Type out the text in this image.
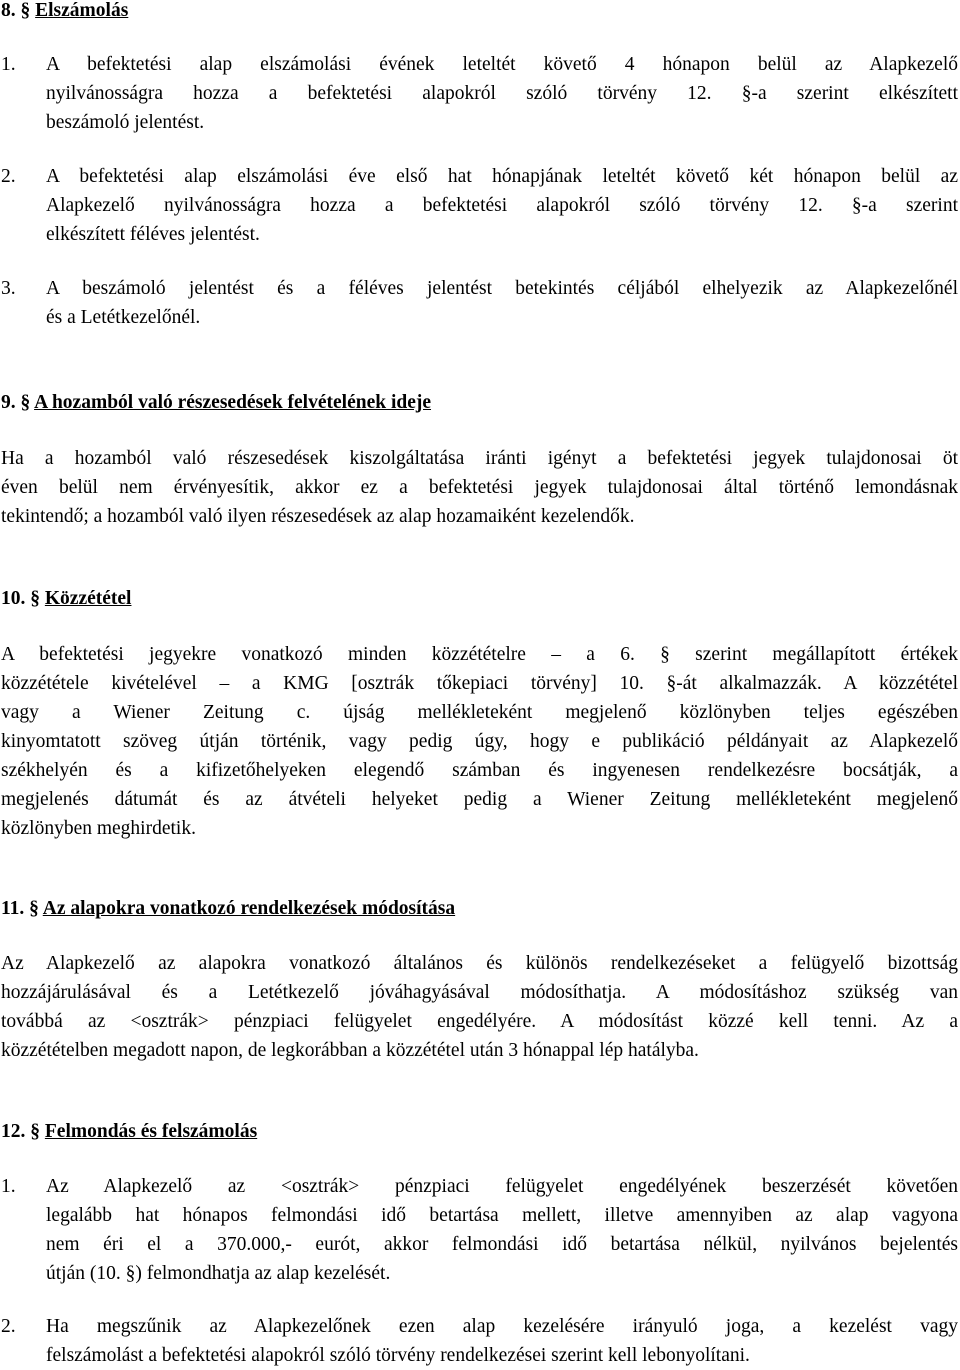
8. § Elszámolás
1. A befektetési alap elszámolási évének leteltét követő 4 hónapon belül az Alapkezelő
nyilvánosságra hozza a befektetési alapokról szóló törvény 12. §-a szerint elkészített
beszámoló jelentést.
2. A befektetési alap elszámolási éve első hat hónapjának leteltét követő két hónapon belül az
Alapkezelő nyilvánosságra hozza a befektetési alapokról szóló törvény 12. §-a szerint
elkészített féléves jelentést.
3. A beszámoló jelentést és a féléves jelentést betekintés céljából elhelyezik az Alapkezelőnél
és a Letétkezelőnél.
9. § A hozamból való részesedések felvételének ideje
Ha a hozamból való részesedések kiszolgáltatása iránti igényt a befektetési jegyek tulajdonosai öt
éven belül nem érvényesítik, akkor ez a befektetési jegyek tulajdonosai által történő lemondásnak
tekintendő; a hozamból való ilyen részesedések az alap hozamaiként kezelendők.
10. § Közzététel
A befektetési jegyekre vonatkozó minden közzétételre – a 6. § szerint megállapított értékek
közzététele kivételével – a KMG [osztrák tőkepiaci törvény] 10. §-át alkalmazzák. A közzététel
vagy a Wiener Zeitung c. újság mellékleteként megjelenő közlönyben teljes egészében
kinyomtatott szöveg útján történik, vagy pedig úgy, hogy e publikáció példányait az Alapkezelő
székhelyén és a kifizetőhelyeken elegendő számban és ingyenesen rendelkezésre bocsátják, a
megjelenés dátumát és az átvételi helyeket pedig a Wiener Zeitung mellékleteként megjelenő
közlönyben meghirdetik.
11. § Az alapokra vonatkozó rendelkezések módosítása
Az Alapkezelő az alapokra vonatkozó általános és különös rendelkezéseket a felügyelő bizottság
hozzájárulásával és a Letétkezelő jóváhagyásával módosíthatja. A módosításhoz szükség van
továbbá az <osztrák> pénzpiaci felügyelet engedélyére. A módosítást közzé kell tenni. Az a
közzétételben megadott napon, de legkorábban a közzététel után 3 hónappal lép hatályba.
12. § Felmondás és felszámolás
1. Az Alapkezelő az <osztrák> pénzpiaci felügyelet engedélyének beszerzését követően
legalább hat hónapos felmondási idő betartása mellett, illetve amennyiben az alap vagyona
nem éri el a 370.000,- eurót, akkor felmondási idő betartása nélkül, nyilvános bejelentés
útján (10. §) felmondhatja az alap kezelését.
2. Ha megszűnik az Alapkezelőnek ezen alap kezelésére irányuló joga, a kezelést vagy
felszámolást a befektetési alapokról szóló törvény rendelkezései szerint kell lebonyolítani.
